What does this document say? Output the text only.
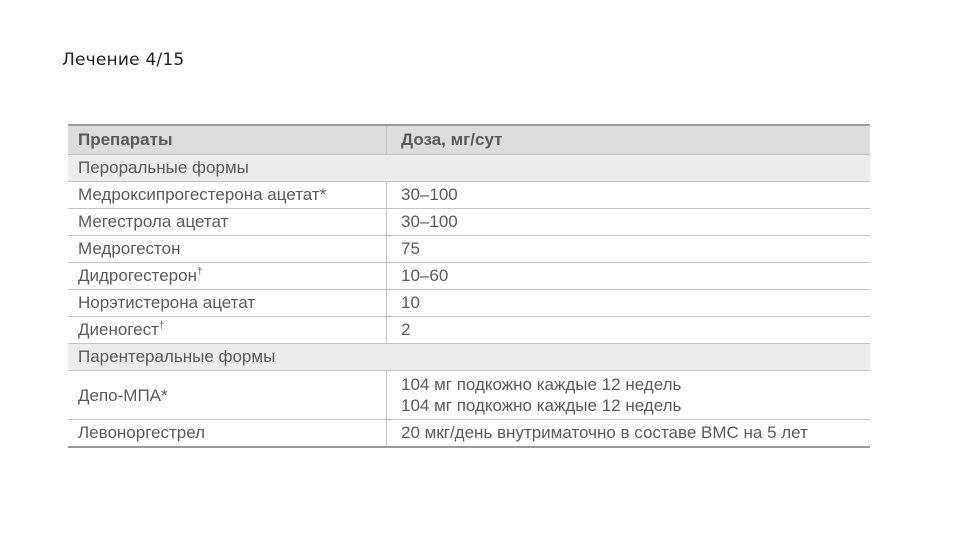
Лечение 4/15
Препараты	Доза, мг/сут
Пероральные формы	
Медроксипрогестерона ацетат*	30–100
Мегестрола ацетат	30–100
Медрогестон	75
Дидрогестерон†	10–60
Норэтистерона ацетат	10
Диеногест†	2
Парентеральные формы	
Депо-МПА*	104 мг подкожно каждые 12 недель
104 мг подкожно каждые 12 недель

Левоноргестрел	20 мкг/день внутриматочно в составе ВМС на 5 лет
